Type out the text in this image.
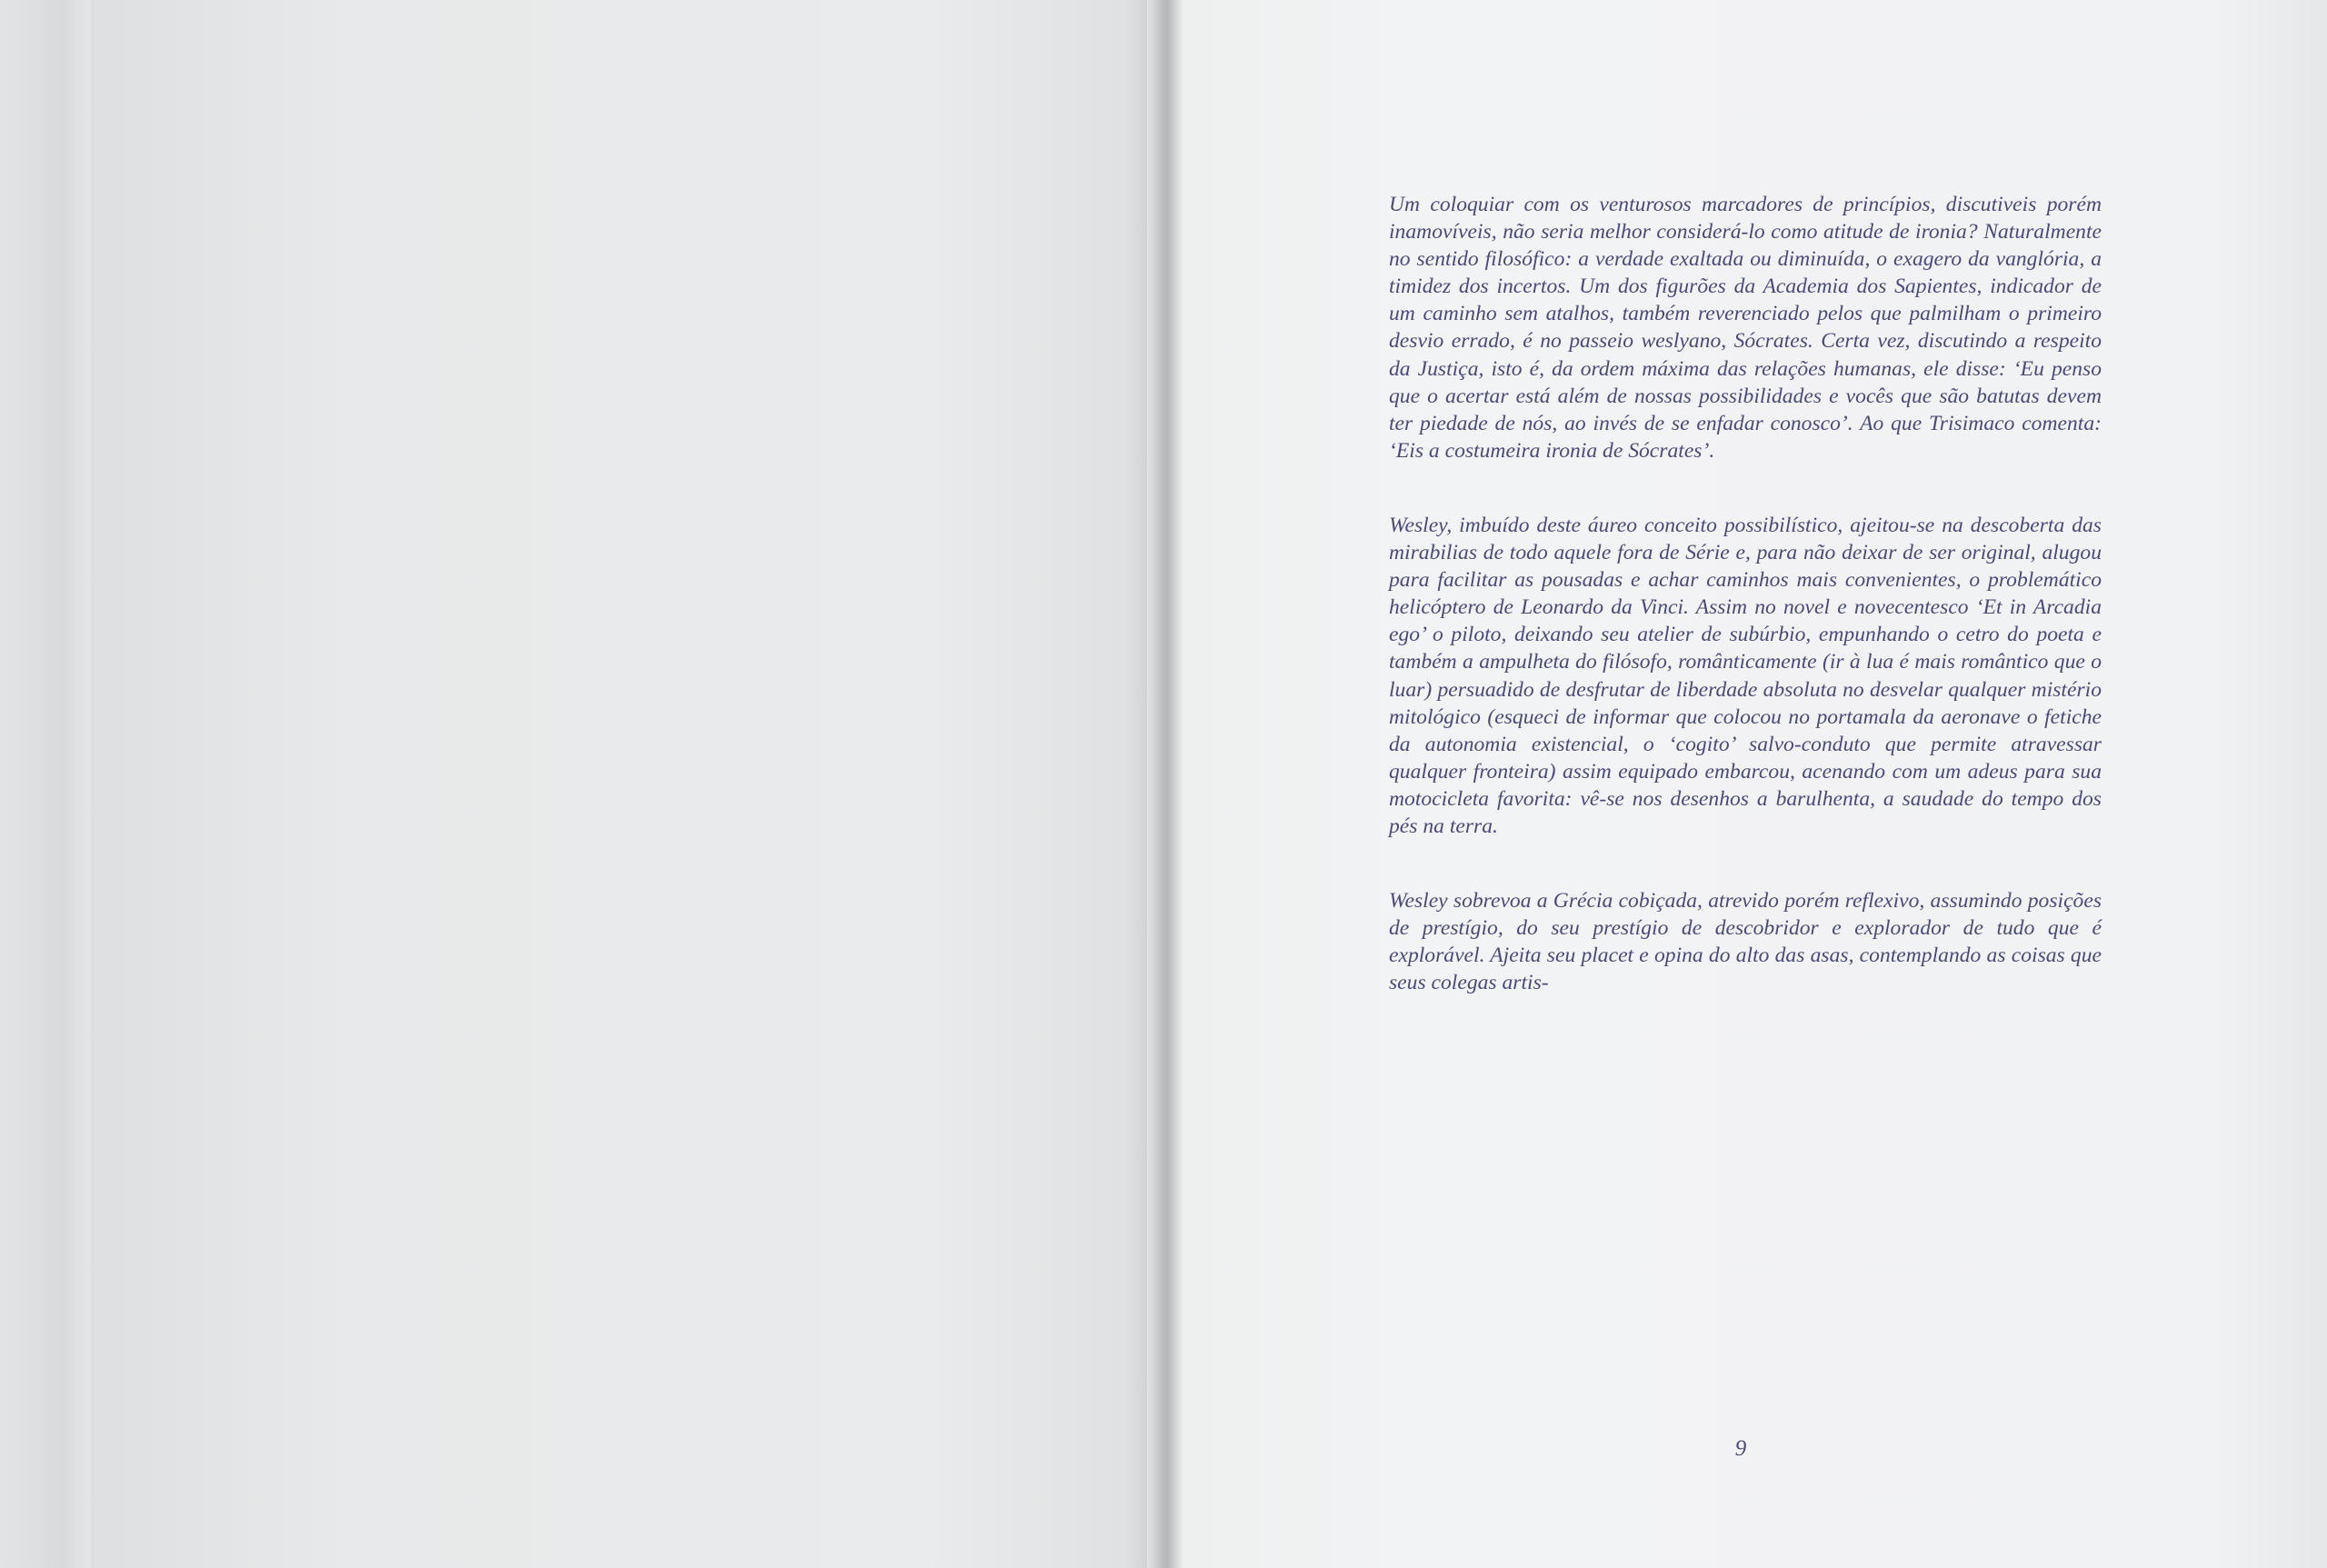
Um coloquiar com os venturosos marcadores de princípios, discutiveis porém inamovíveis, não seria melhor considerá-lo como atitude de ironia? Naturalmente no sentido filosófico: a verdade exaltada ou diminuída, o exagero da vanglória, a timidez dos incertos. Um dos figurões da Academia dos Sapientes, indicador de um caminho sem atalhos, também reverenciado pelos que palmilham o primeiro desvio errado, é no passeio weslyano, Sócrates. Certa vez, discutindo a respeito da Justiça, isto é, da ordem máxima das relações humanas, ele disse: ‘Eu penso que o acertar está além de nossas possibilidades e vocês que são batutas devem ter piedade de nós, ao invés de se enfadar conosco’. Ao que Trisimaco comenta: ‘Eis a costumeira ironia de Sócrates’.

Wesley, imbuído deste áureo conceito possibilístico, ajeitou-se na descoberta das mirabilias de todo aquele fora de Série e, para não deixar de ser original, alugou para facilitar as pousadas e achar caminhos mais convenientes, o problemático helicóptero de Leonardo da Vinci. Assim no novel e novecentesco ‘Et in Arcadia ego’ o piloto, deixando seu atelier de subúrbio, empunhando o cetro do poeta e também a ampulheta do filósofo, românticamente (ir à lua é mais romântico que o luar) persuadido de desfrutar de liberdade absoluta no desvelar qualquer mistério mitológico (esqueci de informar que colocou no portamala da aeronave o fetiche da autonomia existencial, o ‘cogito’ salvo-conduto que permite atravessar qualquer fronteira) assim equipado embarcou, acenando com um adeus para sua motocicleta favorita: vê-se nos desenhos a barulhenta, a saudade do tempo dos pés na terra.

Wesley sobrevoa a Grécia cobiçada, atrevido porém reflexivo, assumindo posições de prestígio, do seu prestígio de descobridor e explorador de tudo que é explorável. Ajeita seu placet e opina do alto das asas, contemplando as coisas que seus colegas artis-

9
